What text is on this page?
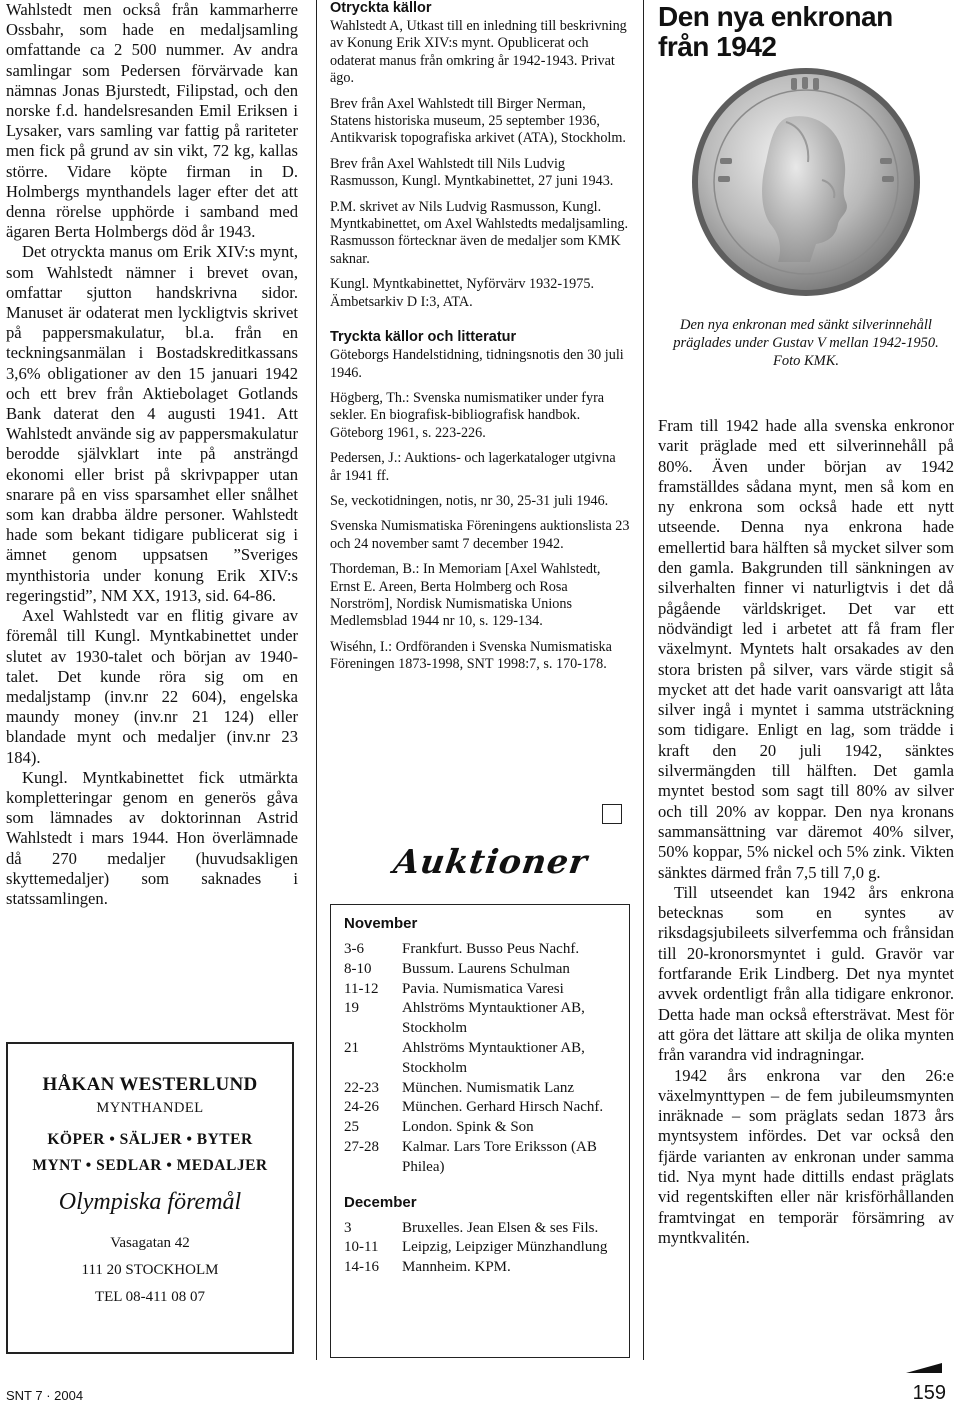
Wahlstedt men också från kammarherre Ossbahr, som hade en medaljsamling omfattande ca 2 500 nummer. Av andra samlingar som Pedersen förvärvade kan nämnas Jonas Bjurstedt, Filipstad, och den norske f.d. handelsresanden Emil Eriksen i Lysaker, vars samling var fattig på rariteter men fick på grund av sin vikt, 72 kg, kallas större. Vidare köpte firman in D. Holmbergs mynthandels lager efter det att denna rörelse upphörde i samband med ägaren Berta Holmbergs död år 1943.

Det otryckta manus om Erik XIV:s mynt, som Wahlstedt nämner i brevet ovan, omfattar sjutton handskrivna sidor. Manuset är odaterat men lyckligtvis skrivet på pappersmakulatur, bl.a. från en teckningsanmälan i Bostadskreditkassans 3,6% obligationer av den 15 januari 1942 och ett brev från Aktiebolaget Gotlands Bank daterat den 4 augusti 1941. Att Wahlstedt använde sig av pappersmakulatur berodde självklart inte på ansträngd ekonomi eller brist på skrivpapper utan snarare på en viss sparsamhet eller snålhet som kan drabba äldre personer. Wahlstedt hade som bekant tidigare publicerat sig i ämnet genom uppsatsen ”Sveriges mynthistoria under konung Erik XIV:s regeringstid”, NM XX, 1913, sid. 64-86.

Axel Wahlstedt var en flitig givare av föremål till Kungl. Myntkabinettet under slutet av 1930-talet och början av 1940-talet. Det kunde röra sig om en medaljstamp (inv.nr 22 604), engelska maundy money (inv.nr 21 124) eller blandade mynt och medaljer (inv.nr 23 184).

Kungl. Myntkabinettet fick utmärkta kompletteringar genom en generös gåva som lämnades av doktorinnan Astrid Wahlstedt i mars 1944. Hon överlämnade då 270 medaljer (huvudsakligen skyttemedaljer) som saknades i statssamlingen.

HÅKAN WESTERLUND
MYNTHANDEL
KÖPER • SÄLJER • BYTER
MYNT • SEDLAR • MEDALJER
Olympiska föremål
Vasagatan 42
111 20 STOCKHOLM
TEL 08-411 08 07
Otryckta källor

Wahlstedt A, Utkast till en inledning till beskrivning av Konung Erik XIV:s mynt. Opublicerat och odaterat manus från omkring år 1942-1943. Privat ägo.

Brev från Axel Wahlstedt till Birger Nerman, Statens historiska museum, 25 september 1936, Antikvarisk topografiska arkivet (ATA), Stockholm.

Brev från Axel Wahlstedt till Nils Ludvig Rasmusson, Kungl. Myntkabinettet, 27 juni 1943.

P.M. skrivet av Nils Ludvig Rasmusson, Kungl. Myntkabinettet, om Axel Wahlstedts medaljsamling. Rasmusson förtecknar även de medaljer som KMK saknar.

Kungl. Myntkabinettet, Nyförvärv 1932-1975. Ämbetsarkiv D I:3, ATA.

Tryckta källor och litteratur

Göteborgs Handelstidning, tidningsnotis den 30 juli 1946.

Högberg, Th.: Svenska numismatiker under fyra sekler. En biografisk-bibliografisk handbok. Göteborg 1961, s. 223-226.

Pedersen, J.: Auktions- och lagerkataloger utgivna år 1941 ff.

Se, veckotidningen, notis, nr 30, 25-31 juli 1946.

Svenska Numismatiska Föreningens auktionslista 23 och 24 november samt 7 december 1942.

Thordeman, B.: In Memoriam [Axel Wahlstedt, Ernst E. Areen, Berta Holmberg och Rosa Norström], Nordisk Numismatiska Unions Medlemsblad 1944 nr 10, s. 129-134.

Wiséhn, I.: Ordföranden i Svenska Numismatiska Föreningen 1873-1998, SNT 1998:7, s. 170-178.

Auktioner
November
3-6	Frankfurt. Busso Peus Nachf.
8-10	Bussum. Laurens Schulman
11-12	Pavia. Numismatica Varesi
19	Ahlströms Myntauktioner AB, Stockholm
21	Ahlströms Myntauktioner AB, Stockholm
22-23	München. Numismatik Lanz
24-26	München. Gerhard Hirsch Nachf.
25	London. Spink & Son
27-28	Kalmar. Lars Tore Eriksson (AB Philea)
December
3	Bruxelles. Jean Elsen & ses Fils.
10-11	Leipzig, Leipziger Münzhandlung
14-16	Mannheim. KPM.
Den nya enkronan
från 1942
Den nya enkronan med sänkt silverinnehåll präglades under Gustav V mellan 1942-1950. Foto KMK.

Fram till 1942 hade alla svenska enkronor varit präglade med ett silverinnehåll på 80%. Även under början av 1942 framställdes sådana mynt, men så kom en ny enkrona som också hade ett nytt utseende. Denna nya enkrona hade emellertid bara hälften så mycket silver som den gamla. Bakgrunden till sänkningen av silverhalten finner vi naturligtvis i det då pågående världskriget. Det var ett nödvändigt led i arbetet att få fram fler växelmynt. Myntets halt orsakades av den stora bristen på silver, vars värde stigit så mycket att det hade varit oansvarigt att låta silver ingå i myntet i samma utsträckning som tidigare. Enligt en lag, som trädde i kraft den 20 juli 1942, sänktes silvermängden till hälften. Det gamla myntet bestod som sagt till 80% av silver och till 20% av koppar. Den nya kronans sammansättning var däremot 40% silver, 50% koppar, 5% nickel och 5% zink. Vikten sänktes därmed från 7,5 till 7,0 g.

Till utseendet kan 1942 års enkrona betecknas som en syntes av riksdagsjubileets silverfemma och frånsidan till 20-kronorsmyntet i guld. Gravör var fortfarande Erik Lindberg. Det nya myntet avvek ordentligt från alla tidigare enkronor. Detta hade man också eftersträvat. Mest för att göra det lättare att skilja de olika mynten från varandra vid indragningar.

1942 års enkrona var den 26:e växelmynttypen – de fem jubileumsmynten inräknade – som präglats sedan 1873 års myntsystem infördes. Det var också den fjärde varianten av enkronan under samma tid. Nya mynt hade dittills endast präglats vid regentskiften eller när krisförhållanden framtvingat en temporär försämring av myntkvalitén.

SNT 7 · 2004	159
